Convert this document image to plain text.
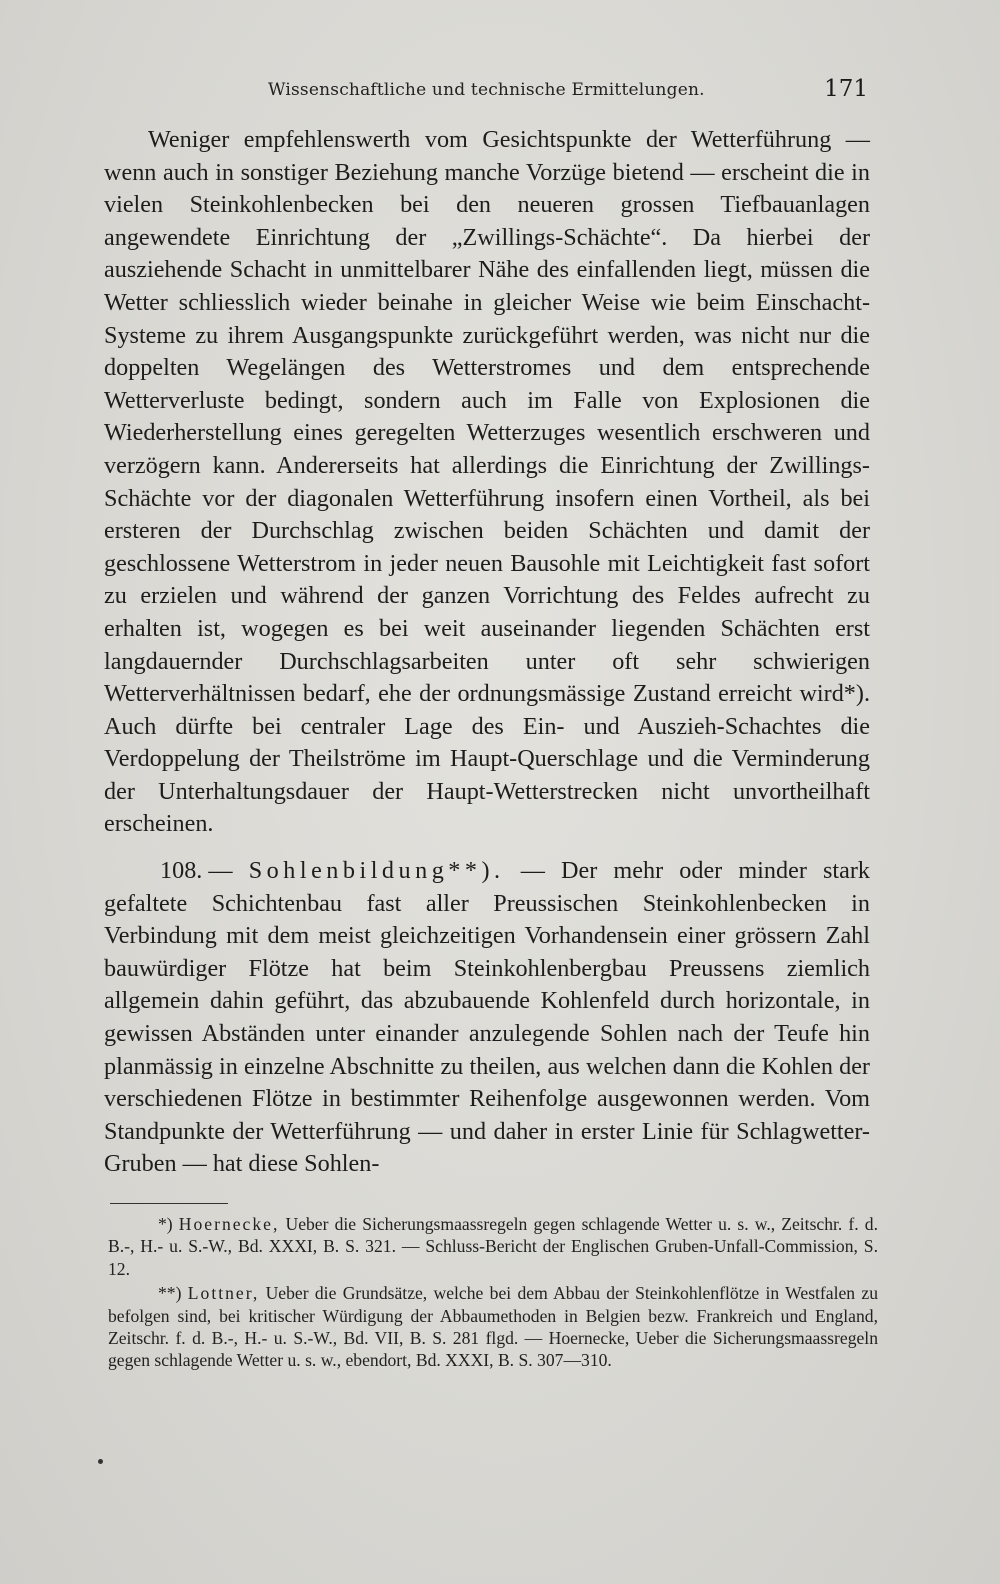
Wissenschaftliche und technische Ermittelungen.	171

Weniger empfehlenswerth vom Gesichtspunkte der Wetterführung — wenn auch in sonstiger Beziehung manche Vorzüge bietend — erscheint die in vielen Steinkohlenbecken bei den neueren grossen Tiefbauanlagen angewendete Einrichtung der „Zwillings-Schächte“. Da hierbei der ausziehende Schacht in unmittelbarer Nähe des einfallenden liegt, müssen die Wetter schliesslich wieder beinahe in gleicher Weise wie beim Einschacht-Systeme zu ihrem Ausgangspunkte zurückgeführt werden, was nicht nur die doppelten Wegelängen des Wetterstromes und dem entsprechende Wetterverluste bedingt, sondern auch im Falle von Explosionen die Wiederherstellung eines geregelten Wetterzuges wesentlich erschweren und verzögern kann. Andererseits hat allerdings die Einrichtung der Zwillings-Schächte vor der diagonalen Wetterführung insofern einen Vortheil, als bei ersteren der Durchschlag zwischen beiden Schächten und damit der geschlossene Wetterstrom in jeder neuen Bausohle mit Leichtigkeit fast sofort zu erzielen und während der ganzen Vorrichtung des Feldes aufrecht zu erhalten ist, wogegen es bei weit auseinander liegenden Schächten erst langdauernder Durchschlagsarbeiten unter oft sehr schwierigen Wetterverhältnissen bedarf, ehe der ordnungsmässige Zustand erreicht wird*). Auch dürfte bei centraler Lage des Ein- und Auszieh-Schachtes die Verdoppelung der Theilströme im Haupt-Querschlage und die Verminderung der Unterhaltungsdauer der Haupt-Wetterstrecken nicht unvortheilhaft erscheinen.

108. — Sohlenbildung**). — Der mehr oder minder stark gefaltete Schichtenbau fast aller Preussischen Steinkohlenbecken in Verbindung mit dem meist gleichzeitigen Vorhandensein einer grössern Zahl bauwürdiger Flötze hat beim Steinkohlenbergbau Preussens ziemlich allgemein dahin geführt, das abzubauende Kohlenfeld durch horizontale, in gewissen Abständen unter einander anzulegende Sohlen nach der Teufe hin planmässig in einzelne Abschnitte zu theilen, aus welchen dann die Kohlen der verschiedenen Flötze in bestimmter Reihenfolge ausgewonnen werden. Vom Standpunkte der Wetterführung — und daher in erster Linie für Schlagwetter-Gruben — hat diese Sohlen-

*) Hoernecke, Ueber die Sicherungsmaassregeln gegen schlagende Wetter u. s. w., Zeitschr. f. d. B.-, H.- u. S.-W., Bd. XXXI, B. S. 321. — Schluss-Bericht der Englischen Gruben-Unfall-Commission, S. 12.

**) Lottner, Ueber die Grundsätze, welche bei dem Abbau der Steinkohlenflötze in Westfalen zu befolgen sind, bei kritischer Würdigung der Abbaumethoden in Belgien bezw. Frankreich und England, Zeitschr. f. d. B.-, H.- u. S.-W., Bd. VII, B. S. 281 flgd. — Hoernecke, Ueber die Sicherungsmaassregeln gegen schlagende Wetter u. s. w., ebendort, Bd. XXXI, B. S. 307—310.
